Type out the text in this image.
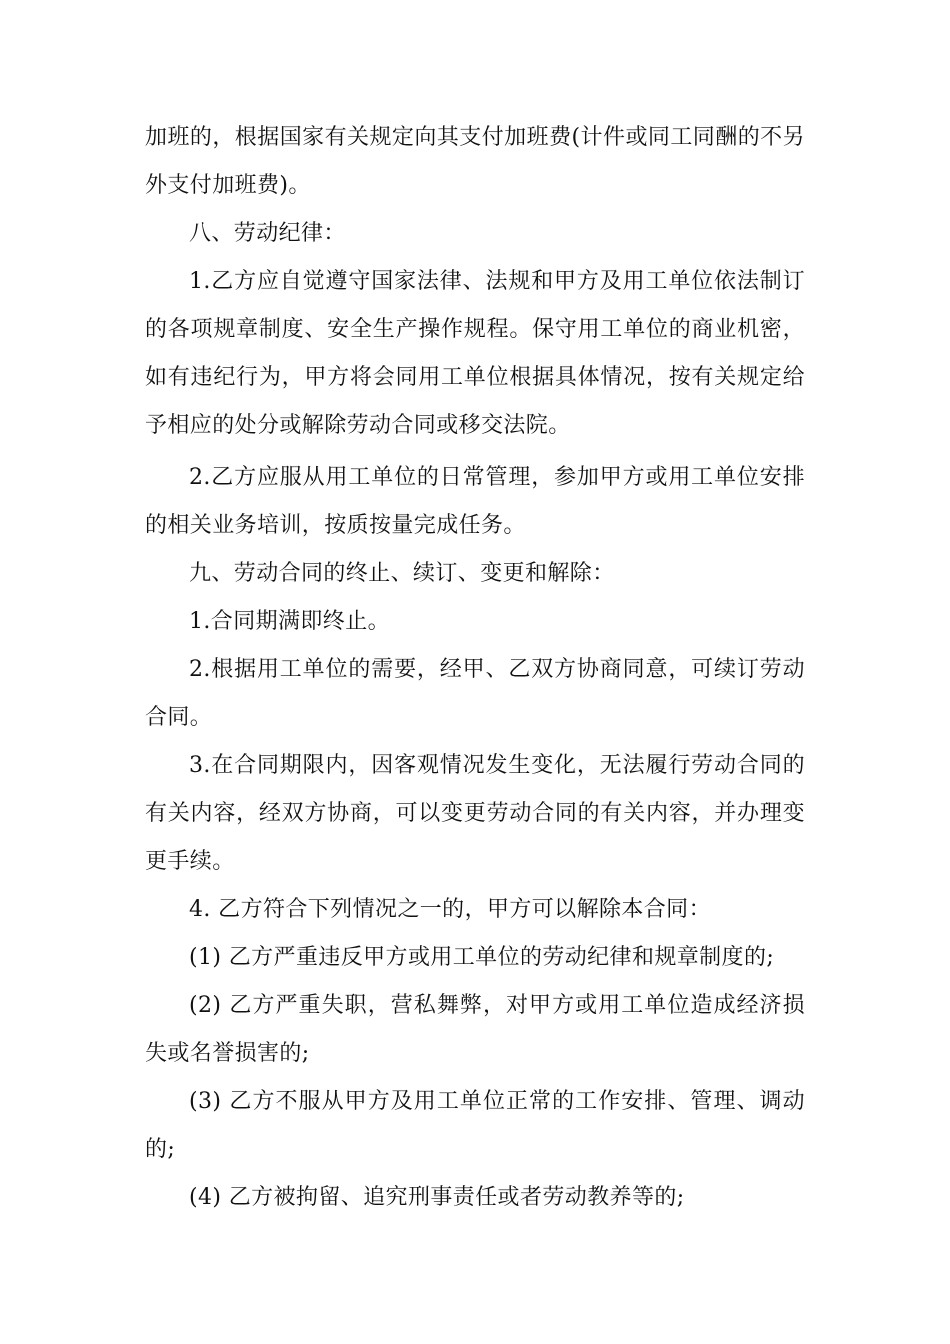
加班的，根据国家有关规定向其支付加班费(计件或同工同酬的不另外支付加班费)。

八、劳动纪律：

1.乙方应自觉遵守国家法律、法规和甲方及用工单位依法制订的各项规章制度、安全生产操作规程。保守用工单位的商业机密，如有违纪行为，甲方将会同用工单位根据具体情况，按有关规定给予相应的处分或解除劳动合同或移交法院。

2.乙方应服从用工单位的日常管理，参加甲方或用工单位安排的相关业务培训，按质按量完成任务。

九、劳动合同的终止、续订、变更和解除：

1.合同期满即终止。

2.根据用工单位的需要，经甲、乙双方协商同意，可续订劳动合同。

3.在合同期限内，因客观情况发生变化，无法履行劳动合同的有关内容，经双方协商，可以变更劳动合同的有关内容，并办理变更手续。

4. 乙方符合下列情况之一的，甲方可以解除本合同：

(1) 乙方严重违反甲方或用工单位的劳动纪律和规章制度的;

(2) 乙方严重失职，营私舞弊，对甲方或用工单位造成经济损失或名誉损害的;

(3) 乙方不服从甲方及用工单位正常的工作安排、管理、调动的;

(4) 乙方被拘留、追究刑事责任或者劳动教养等的;
